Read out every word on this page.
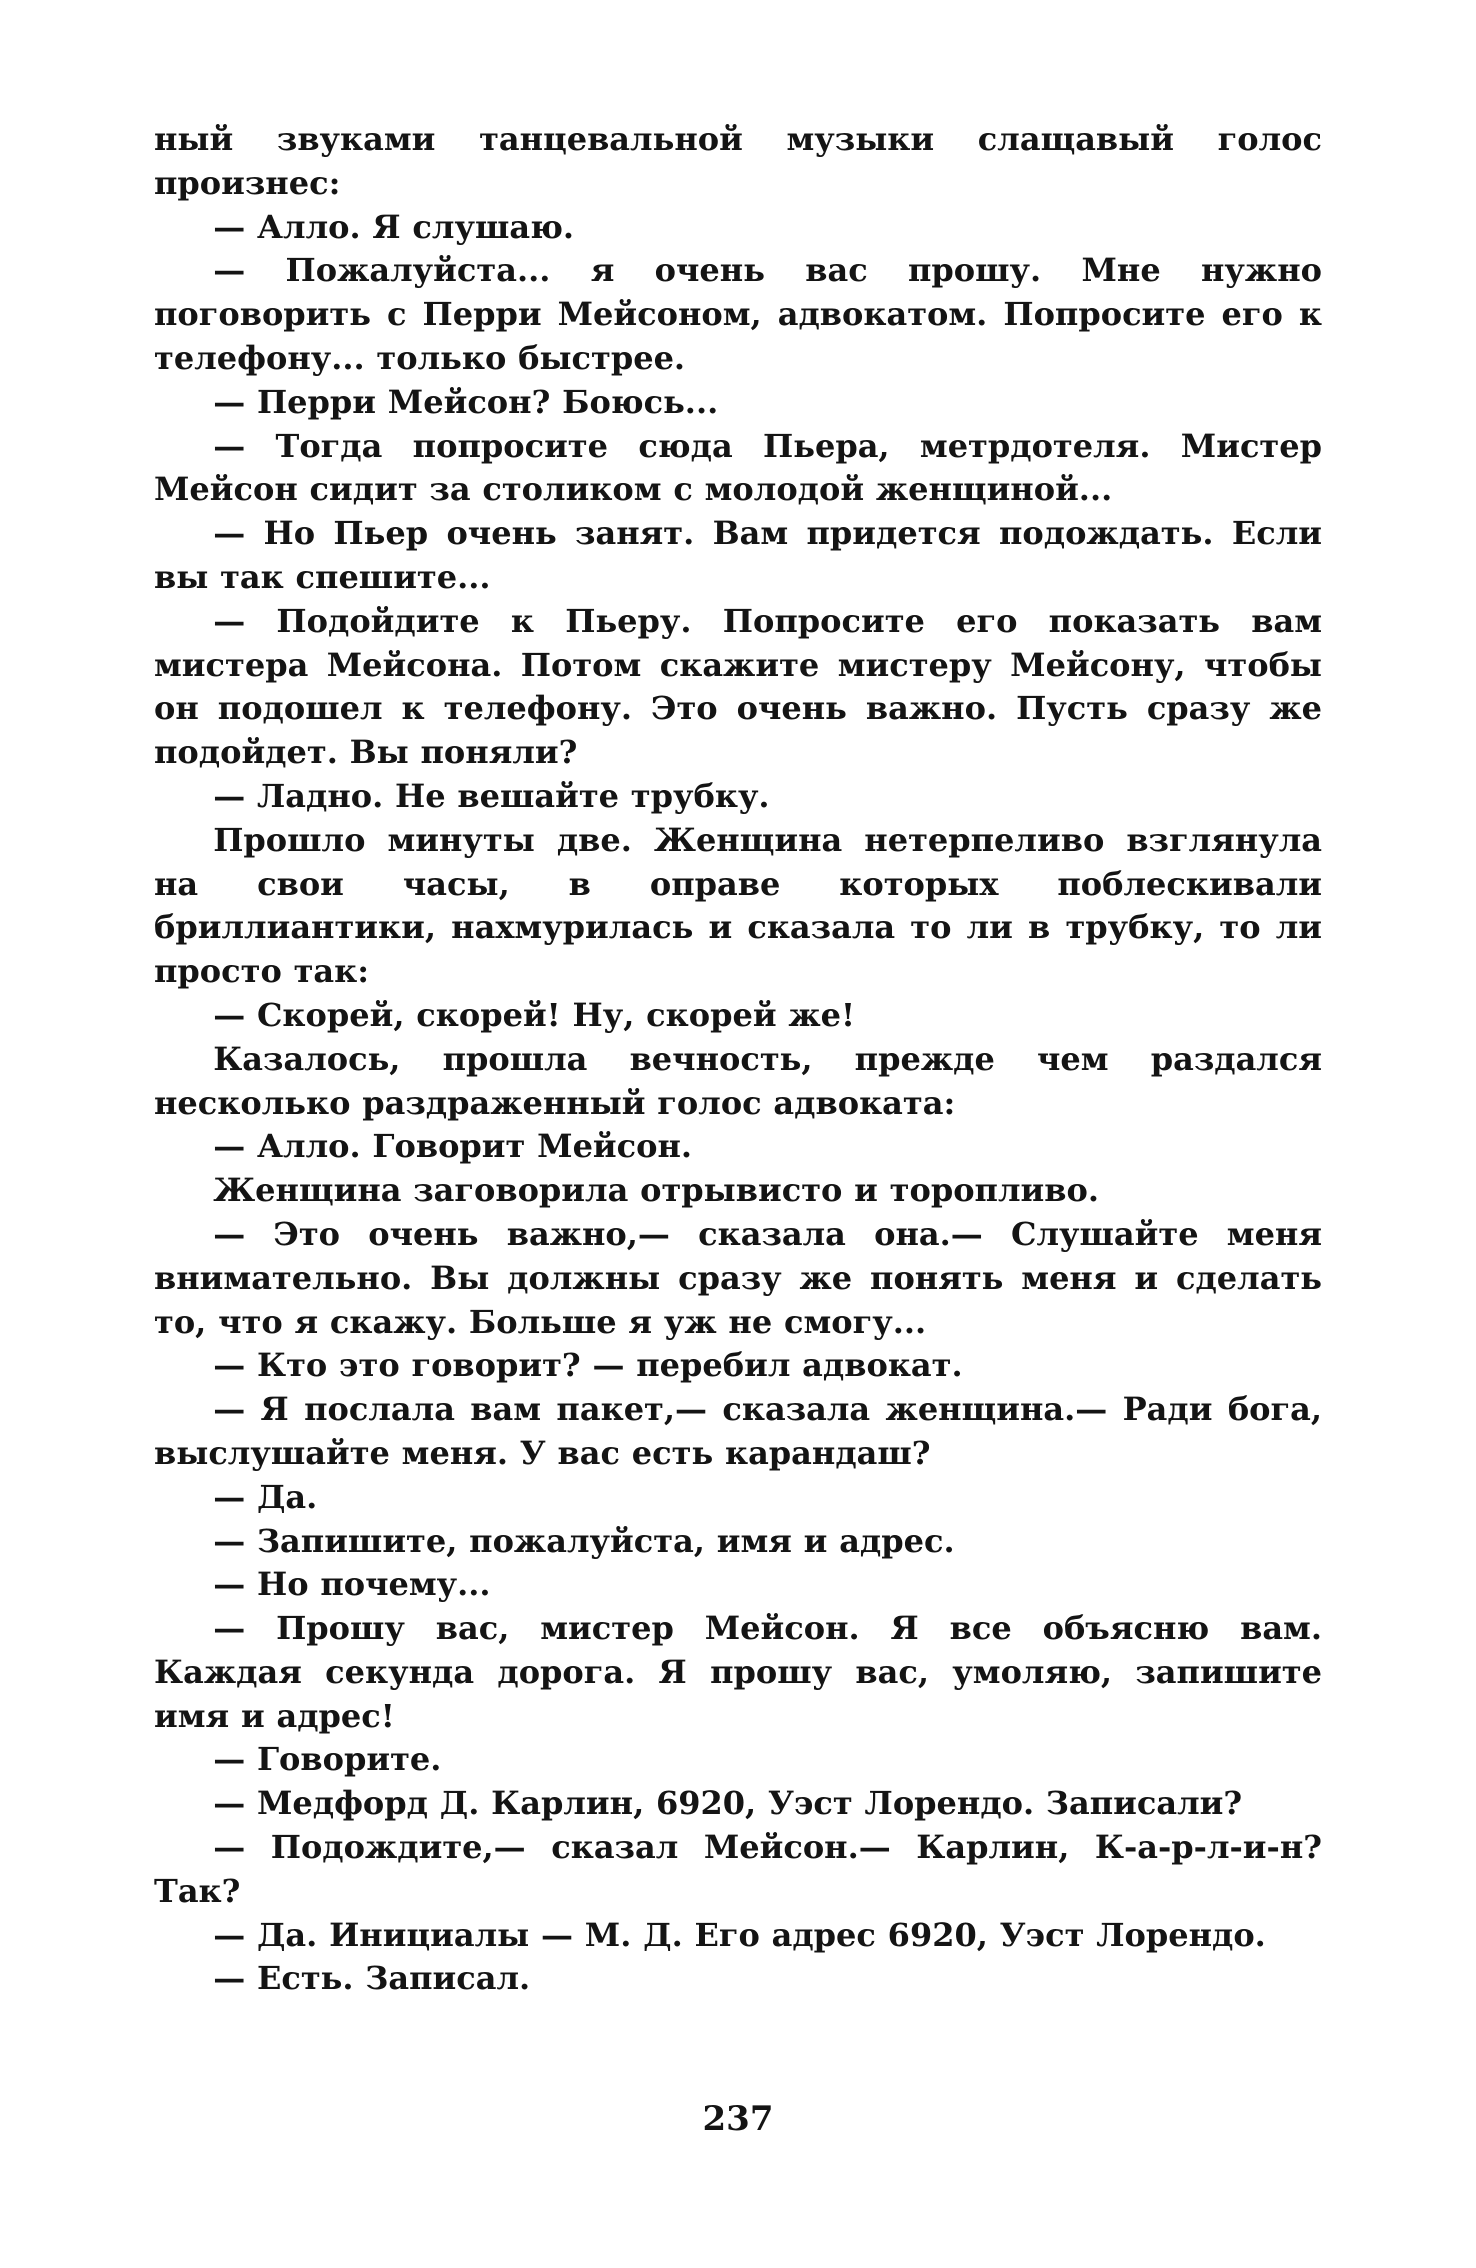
ный звуками танцевальной музыки слащавый голос произнес:

— Алло. Я слушаю.

— Пожалуйста... я очень вас прошу. Мне нужно поговорить с Перри Мейсоном, адвокатом. Попросите его к телефону... только быстрее.

— Перри Мейсон? Боюсь...

— Тогда попросите сюда Пьера, метрдотеля. Мистер Мейсон сидит за столиком с молодой женщиной...

— Но Пьер очень занят. Вам придется подождать. Если вы так спешите...

— Подойдите к Пьеру. Попросите его показать вам мистера Мейсона. Потом скажите мистеру Мейсону, чтобы он подошел к телефону. Это очень важно. Пусть сразу же подойдет. Вы поняли?

— Ладно. Не вешайте трубку.

Прошло минуты две. Женщина нетерпеливо взглянула на свои часы, в оправе которых поблескивали бриллиантики, нахмурилась и сказала то ли в трубку, то ли просто так:

— Скорей, скорей! Ну, скорей же!

Казалось, прошла вечность, прежде чем раздался несколько раздраженный голос адвоката:

— Алло. Говорит Мейсон.

Женщина заговорила отрывисто и торопливо.

— Это очень важно,— сказала она.— Слушайте меня внимательно. Вы должны сразу же понять меня и сделать то, что я скажу. Больше я уж не смогу...

— Кто это говорит? — перебил адвокат.

— Я послала вам пакет,— сказала женщина.— Ради бога, выслушайте меня. У вас есть карандаш?

— Да.

— Запишите, пожалуйста, имя и адрес.

— Но почему...

— Прошу вас, мистер Мейсон. Я все объясню вам. Каждая секунда дорога. Я прошу вас, умоляю, запишите имя и адрес!

— Говорите.

— Медфорд Д. Карлин, 6920, Уэст Лорендо. Записали?

— Подождите,— сказал Мейсон.— Карлин, К-а-р-л-и-н? Так?

— Да. Инициалы — М. Д. Его адрес 6920, Уэст Лорендо.

— Есть. Записал.

237
